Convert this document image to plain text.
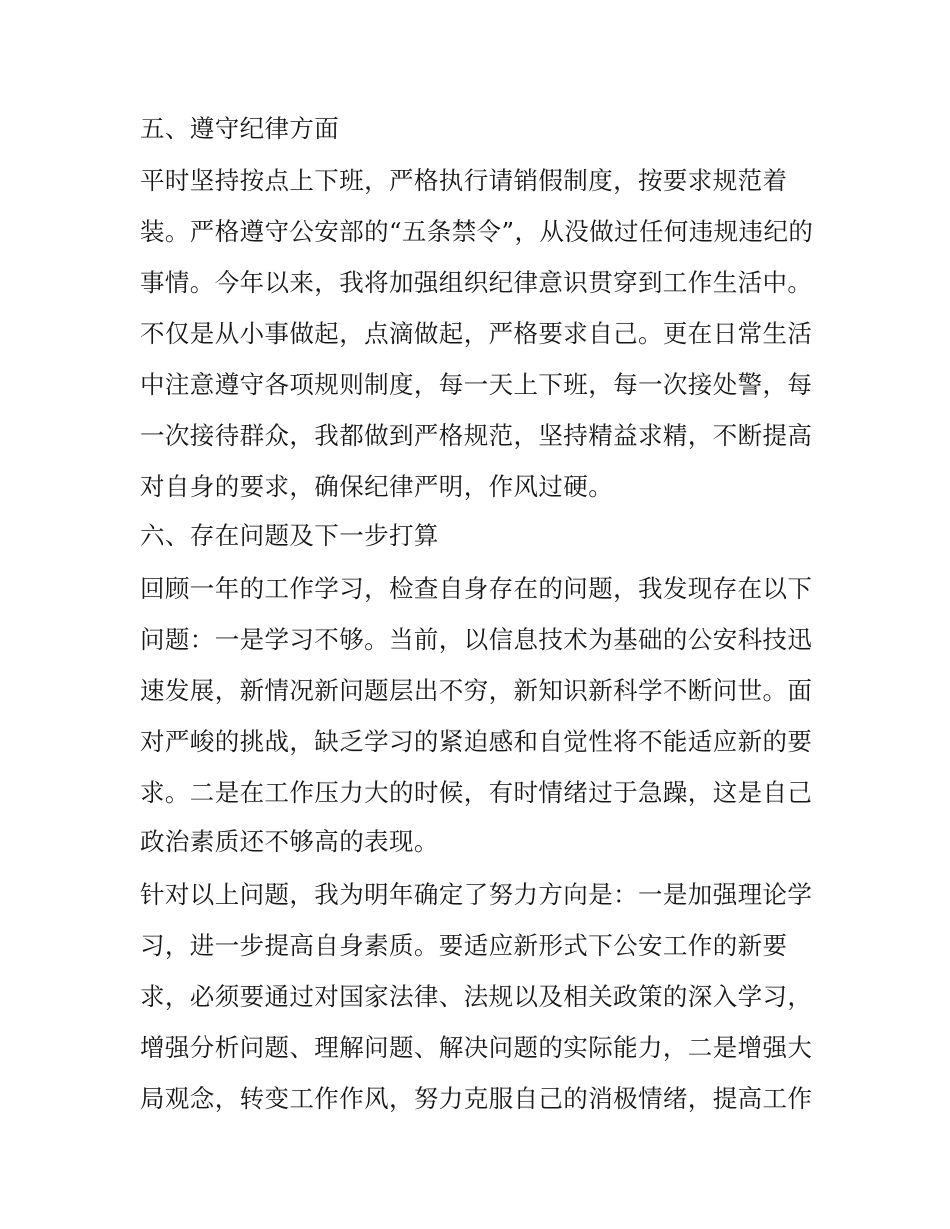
五、遵守纪律方面
平时坚持按点上下班，严格执行请销假制度，按要求规范着
装。严格遵守公安部的“五条禁令”，从没做过任何违规违纪的
事情。今年以来，我将加强组织纪律意识贯穿到工作生活中。
不仅是从小事做起，点滴做起，严格要求自己。更在日常生活
中注意遵守各项规则制度，每一天上下班，每一次接处警，每
一次接待群众，我都做到严格规范，坚持精益求精，不断提高
对自身的要求，确保纪律严明，作风过硬。
六、存在问题及下一步打算
回顾一年的工作学习，检查自身存在的问题，我发现存在以下
问题：一是学习不够。当前，以信息技术为基础的公安科技迅
速发展，新情况新问题层出不穷，新知识新科学不断问世。面
对严峻的挑战，缺乏学习的紧迫感和自觉性将不能适应新的要
求。二是在工作压力大的时候，有时情绪过于急躁，这是自己
政治素质还不够高的表现。
针对以上问题，我为明年确定了努力方向是：一是加强理论学
习，进一步提高自身素质。要适应新形式下公安工作的新要
求，必须要通过对国家法律、法规以及相关政策的深入学习，
增强分析问题、理解问题、解决问题的实际能力，二是增强大
局观念，转变工作作风，努力克服自己的消极情绪，提高工作
